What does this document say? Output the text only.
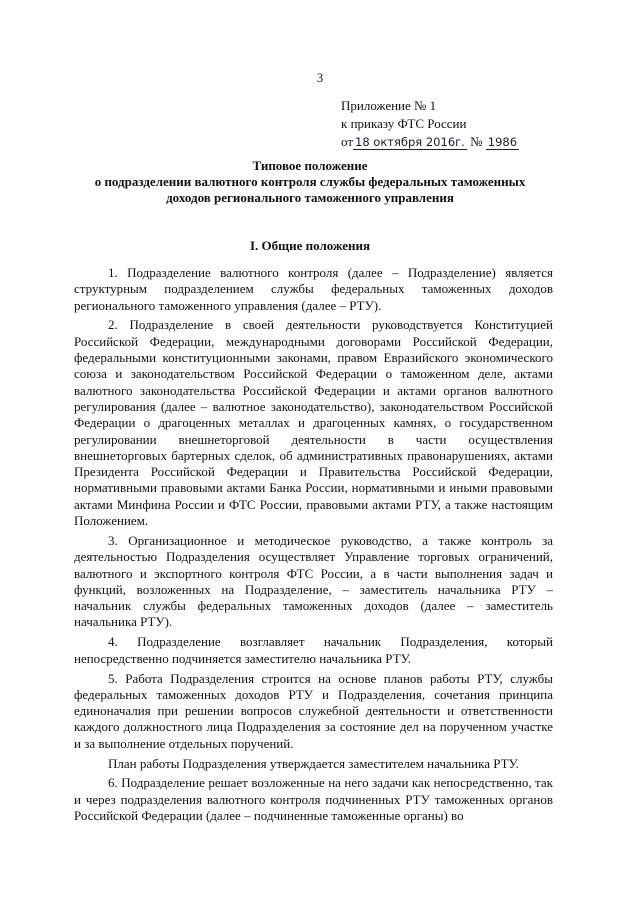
3
Приложение № 1
к приказу ФТС России
от 18 октября 2016г. № 1986
Типовое положение
о подразделении валютного контроля службы федеральных таможенных
доходов регионального таможенного управления
I. Общие положения

1. Подразделение валютного контроля (далее – Подразделение) является структурным подразделением службы федеральных таможенных доходов регионального таможенного управления (далее – РТУ).

2. Подразделение в своей деятельности руководствуется Конституцией Российской Федерации, международными договорами Российской Федерации, федеральными конституционными законами, правом Евразийского экономического союза и законодательством Российской Федерации о таможенном деле, актами валютного законодательства Российской Федерации и актами органов валютного регулирования (далее – валютное законодательство), законодательством Российской Федерации о драгоценных металлах и драгоценных камнях, о государственном регулировании внешнеторговой деятельности в части осуществления внешнеторговых бартерных сделок, об административных правонарушениях, актами Президента Российской Федерации и Правительства Российской Федерации, нормативными правовыми актами Банка России, нормативными и иными правовыми актами Минфина России и ФТС России, правовыми актами РТУ, а также настоящим Положением.

3. Организационное и методическое руководство, а также контроль за деятельностью Подразделения осуществляет Управление торговых ограничений, валютного и экспортного контроля ФТС России, а в части выполнения задач и функций, возложенных на Подразделение, – заместитель начальника РТУ – начальник службы федеральных таможенных доходов (далее – заместитель начальника РТУ).

4. Подразделение возглавляет начальник Подразделения, который непосредственно подчиняется заместителю начальника РТУ.

5. Работа Подразделения строится на основе планов работы РТУ, службы федеральных таможенных доходов РТУ и Подразделения, сочетания принципа единоначалия при решении вопросов служебной деятельности и ответственности каждого должностного лица Подразделения за состояние дел на порученном участке и за выполнение отдельных поручений.

План работы Подразделения утверждается заместителем начальника РТУ.

6. Подразделение решает возложенные на него задачи как непосредственно, так и через подразделения валютного контроля подчиненных РТУ таможенных органов Российской Федерации (далее – подчиненные таможенные органы) во
